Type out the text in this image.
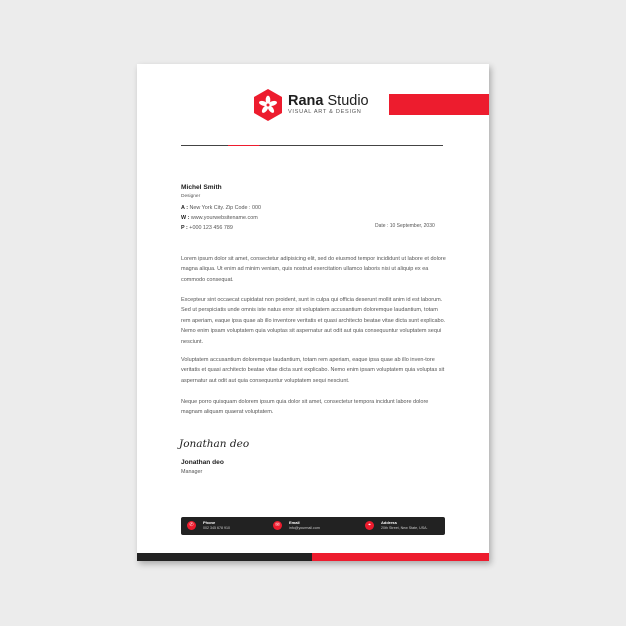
Rana Studio
VISUAL ART & DESIGN
Michel Smith
Designer
A : New York City. Zip Code : 000
W : www.yourwebsitename.com
P : +000 123 456 789	Date : 10 September, 2030

Lorem ipsum dolor sit amet, consectetur adipisicing elit, sed do eiusmod tempor incididunt ut labore et dolore magna aliqua. Ut enim ad minim veniam, quis nostrud exercitation ullamco laboris nisi ut aliquip ex ea commodo consequat.

Excepteur sint occaecat cupidatat non proident, sunt in culpa qui officia deserunt mollit anim id est laborum. Sed ut perspiciatis unde omnis iste natus error sit voluptatem accusantium doloremque laudantium, totam rem aperiam, eaque ipsa quae ab illo inventore veritatis et quasi architecto beatae vitae dicta sunt explicabo. Nemo enim ipsam voluptatem quia voluptas sit aspernatur aut odit aut quia consequuntur voluptatem sequi nesciunt.

Voluptatem accusantium doloremque laudantium, totam rem aperiam, eaque ipsa quae ab illo inven-tore veritatis et quasi architecto beatae vitae dicta sunt explicabo. Nemo enim ipsam voluptatem quia voluptas sit aspernatur aut odit aut quia consequuntur voluptatem sequi nesciunt.

Neque porro quisquam dolorem ipsum quia dolor sit amet, consectetur tempora incidunt labore dolore magnam aliquam quaerat voluptatem.

Jonathan deo
Jonathan deo
Manager
✆	Phone
002 345 678 910	✉	Email
info@yourmail.com	⌖	Address
20th Street, New State, USA.
